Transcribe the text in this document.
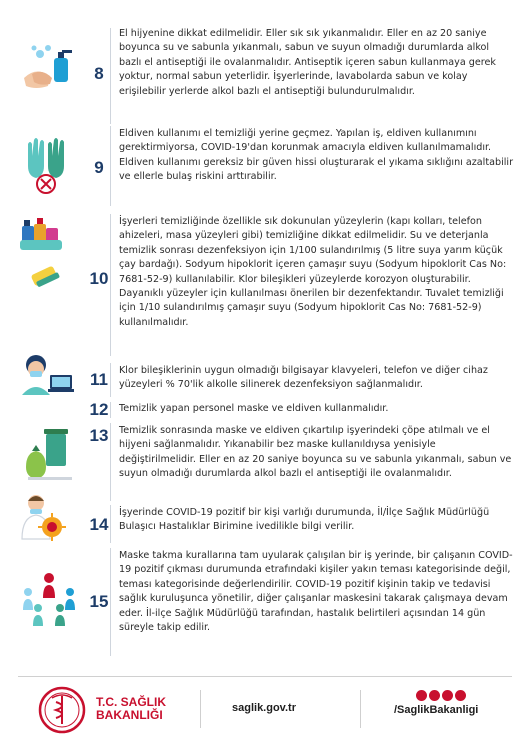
8
El hijyenine dikkat edilmelidir. Eller sık sık yıkanmalıdır. Eller en az 20 saniye boyunca su ve sabunla yıkanmalı, sabun ve suyun olmadığı durumlarda alkol bazlı el antiseptiği ile ovalanmalıdır. Antiseptik içeren sabun kullanmaya gerek yoktur, normal sabun yeterlidir. İşyerlerinde, lavabolarda sabun ve kolay erişilebilir yerlerde alkol bazlı el antiseptiği bulundurulmalıdır.
9
Eldiven kullanımı el temizliği yerine geçmez. Yapılan iş, eldiven kullanımını gerektirmiyorsa, COVID-19'dan korunmak amacıyla eldiven kullanılmamalıdır. Eldiven kullanımı gereksiz bir güven hissi oluşturarak el yıkama sıklığını azaltabilir ve ellerle bulaş riskini arttırabilir.
10
İşyerleri temizliğinde özellikle sık dokunulan yüzeylerin (kapı kolları, telefon ahizeleri, masa yüzeyleri gibi) temizliğine dikkat edilmelidir. Su ve deterjanla temizlik sonrası dezenfeksiyon için 1/100 sulandırılmış (5 litre suya yarım küçük çay bardağı). Sodyum hipoklorit içeren çamaşır suyu (Sodyum hipoklorit Cas No: 7681-52-9) kullanılabilir. Klor bileşikleri yüzeylerde korozyon oluşturabilir. Dayanıklı yüzeyler için kullanılması önerilen bir dezenfektandır. Tuvalet temizliği için 1/10 sulandırılmış çamaşır suyu (Sodyum hipoklorit Cas No: 7681-52-9) kullanılmalıdır.
11	Klor bileşiklerinin uygun olmadığı bilgisayar klavyeleri, telefon ve diğer cihaz yüzeyleri % 70'lik alkolle silinerek dezenfeksiyon sağlanmalıdır.
12	Temizlik yapan personel maske ve eldiven kullanmalıdır.
13	Temizlik sonrasında maske ve eldiven çıkartılıp işyerindeki çöpe atılmalı ve el hijyeni sağlanmalıdır. Yıkanabilir bez maske kullanıldıysa yenisiyle değiştirilmelidir. Eller en az 20 saniye boyunca su ve sabunla yıkanmalı, sabun ve suyun olmadığı durumlarda alkol bazlı el antiseptiği ile ovalanmalıdır.
14
İşyerinde COVID-19 pozitif bir kişi varlığı durumunda, İl/İlçe Sağlık Müdürlüğü Bulaşıcı Hastalıklar Birimine ivedilikle bilgi verilir.
15
Maske takma kurallarına tam uyularak çalışılan bir iş yerinde, bir çalışanın COVID-19 pozitif çıkması durumunda etrafındaki kişiler yakın teması kategorisinde değil, teması kategorisinde değerlendirilir. COVID-19 pozitif kişinin takip ve tedavisi sağlık kuruluşunca yönetilir, diğer çalışanlar maskesini takarak çalışmaya devam eder. İl-ilçe Sağlık Müdürlüğü tarafından, hastalık belirtileri açısından 14 gün süreyle takip edilir.
T.C. SAĞLIK
BAKANLIĞI	saglik.gov.tr	/SaglikBakanligi
